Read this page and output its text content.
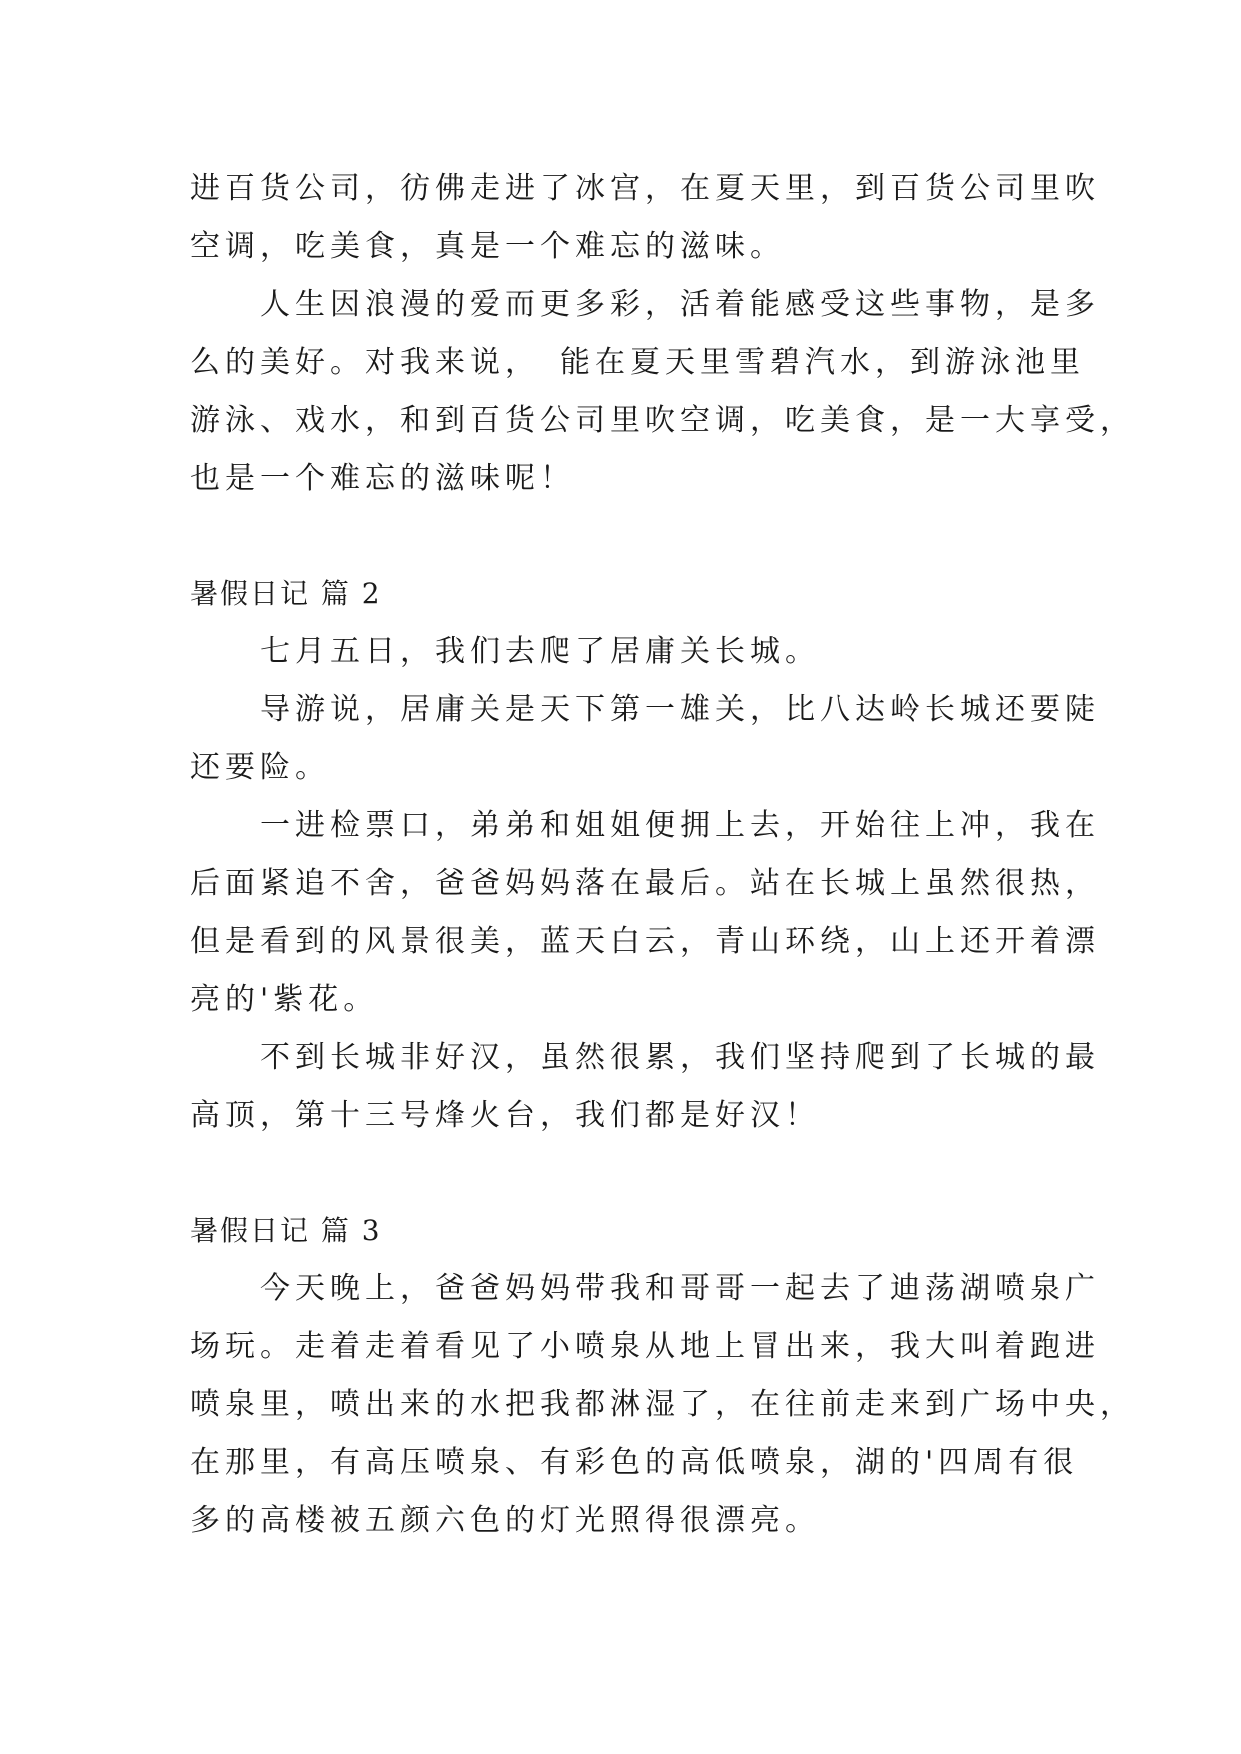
进百货公司，彷佛走进了冰宫，在夏天里，到百货公司里吹
空调，吃美食，真是一个难忘的滋味。
　　人生因浪漫的爱而更多彩，活着能感受这些事物，是多
么的美好。对我来说，　能在夏天里雪碧汽水，到游泳池里
游泳、戏水，和到百货公司里吹空调，吃美食，是一大享受，
也是一个难忘的滋味呢！
暑假日记 篇 2
　　七月五日，我们去爬了居庸关长城。
　　导游说，居庸关是天下第一雄关，比八达岭长城还要陡
还要险。
　　一进检票口，弟弟和姐姐便拥上去，开始往上冲，我在
后面紧追不舍，爸爸妈妈落在最后。站在长城上虽然很热，
但是看到的风景很美，蓝天白云，青山环绕，山上还开着漂
亮的'紫花。
　　不到长城非好汉，虽然很累，我们坚持爬到了长城的最
高顶，第十三号烽火台，我们都是好汉！
暑假日记 篇 3
　　今天晚上，爸爸妈妈带我和哥哥一起去了迪荡湖喷泉广
场玩。走着走着看见了小喷泉从地上冒出来，我大叫着跑进
喷泉里，喷出来的水把我都淋湿了，在往前走来到广场中央，
在那里，有高压喷泉、有彩色的高低喷泉，湖的'四周有很
多的高楼被五颜六色的灯光照得很漂亮。
